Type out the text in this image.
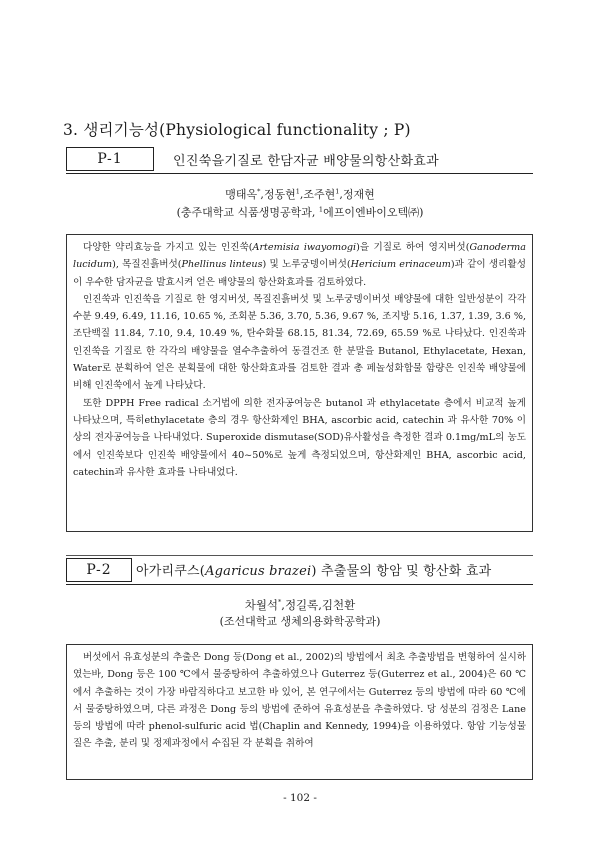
3. 생리기능성(Physiological functionality ; P)
P-1	인진쑥을기질로 한담자균 배양물의항산화효과
맹태옥*,정동현$^1$,조주현$^1$,정재현
(충주대학교 식품생명공학과, $^1$에프이엔바이오텍㈜)

다양한 약리효능을 가지고 있는 인진쑥(Artemisia iwayomogi)을 기질로 하여 영지버섯(Ganoderma lucidum), 목질진흙버섯(Phellinus linteus) 및 노루궁뎅이버섯(Hericium erinaceum)과 같이 생리활성이 우수한 담자균을 발효시켜 얻은 배양물의 항산화효과를 검토하였다.

인진쑥과 인진쑥을 기질로 한 영지버섯, 목질진흙버섯 및 노루궁뎅이버섯 배양물에 대한 일반성분이 각각 수분 9.49, 6.49, 11.16, 10.65 %, 조회분 5.36, 3.70, 5.36, 9.67 %, 조지방 5.16, 1.37, 1.39, 3.6 %, 조단백질 11.84, 7.10, 9.4, 10.49 %, 탄수화물 68.15, 81.34, 72.69, 65.59 %로 나타났다. 인진쑥과 인진쑥을 기질로 한 각각의 배양물을 열수추출하여 동결건조 한 분말을 Butanol, Ethylacetate, Hexan, Water로 분획하여 얻은 분획물에 대한 항산화효과를 검토한 결과 총 페놀성화합물 함량은 인진쑥 배양물에 비해 인진쑥에서 높게 나타났다.

또한 DPPH Free radical 소거법에 의한 전자공여능은 butanol 과 ethylacetate 층에서 비교적 높게 나타났으며, 특히ethylacetate 층의 경우 항산화제인 BHA, ascorbic acid, catechin 과 유사한 70% 이상의 전자공여능을 나타내었다. Superoxide dismutase(SOD)유사활성을 측정한 결과 0.1mg/mL의 농도에서 인진쑥보다 인진쑥 배양물에서 40~50%로 높게 측정되었으며, 항산화제인 BHA, ascorbic acid, catechin과 유사한 효과를 나타내었다.

P-2	아가리쿠스(Agaricus brazei) 추출물의 항암 및 항산화 효과
차월석*,정길록,김천환
(조선대학교 생체의용화학공학과)

버섯에서 유효성분의 추출은 Dong 등(Dong et al., 2002)의 방법에서 최초 추출방법을 변형하여 실시하였는바, Dong 등은 100 ℃에서 물중탕하여 추출하였으나 Guterrez 등(Guterrez et al., 2004)은 60 ℃에서 추출하는 것이 가장 바람직하다고 보고한 바 있어, 본 연구에서는 Guterrez 등의 방법에 따라 60 ℃에서 물중탕하였으며, 다른 과정은 Dong 등의 방법에 준하여 유효성분을 추출하였다. 당 성분의 검정은 Lane 등의 방법에 따라 phenol-sulfuric acid 법(Chaplin and Kennedy, 1994)을 이용하였다. 항암 기능성물질은 추출, 분리 및 정제과정에서 수집된 각 분획을 취하여

- 102 -
